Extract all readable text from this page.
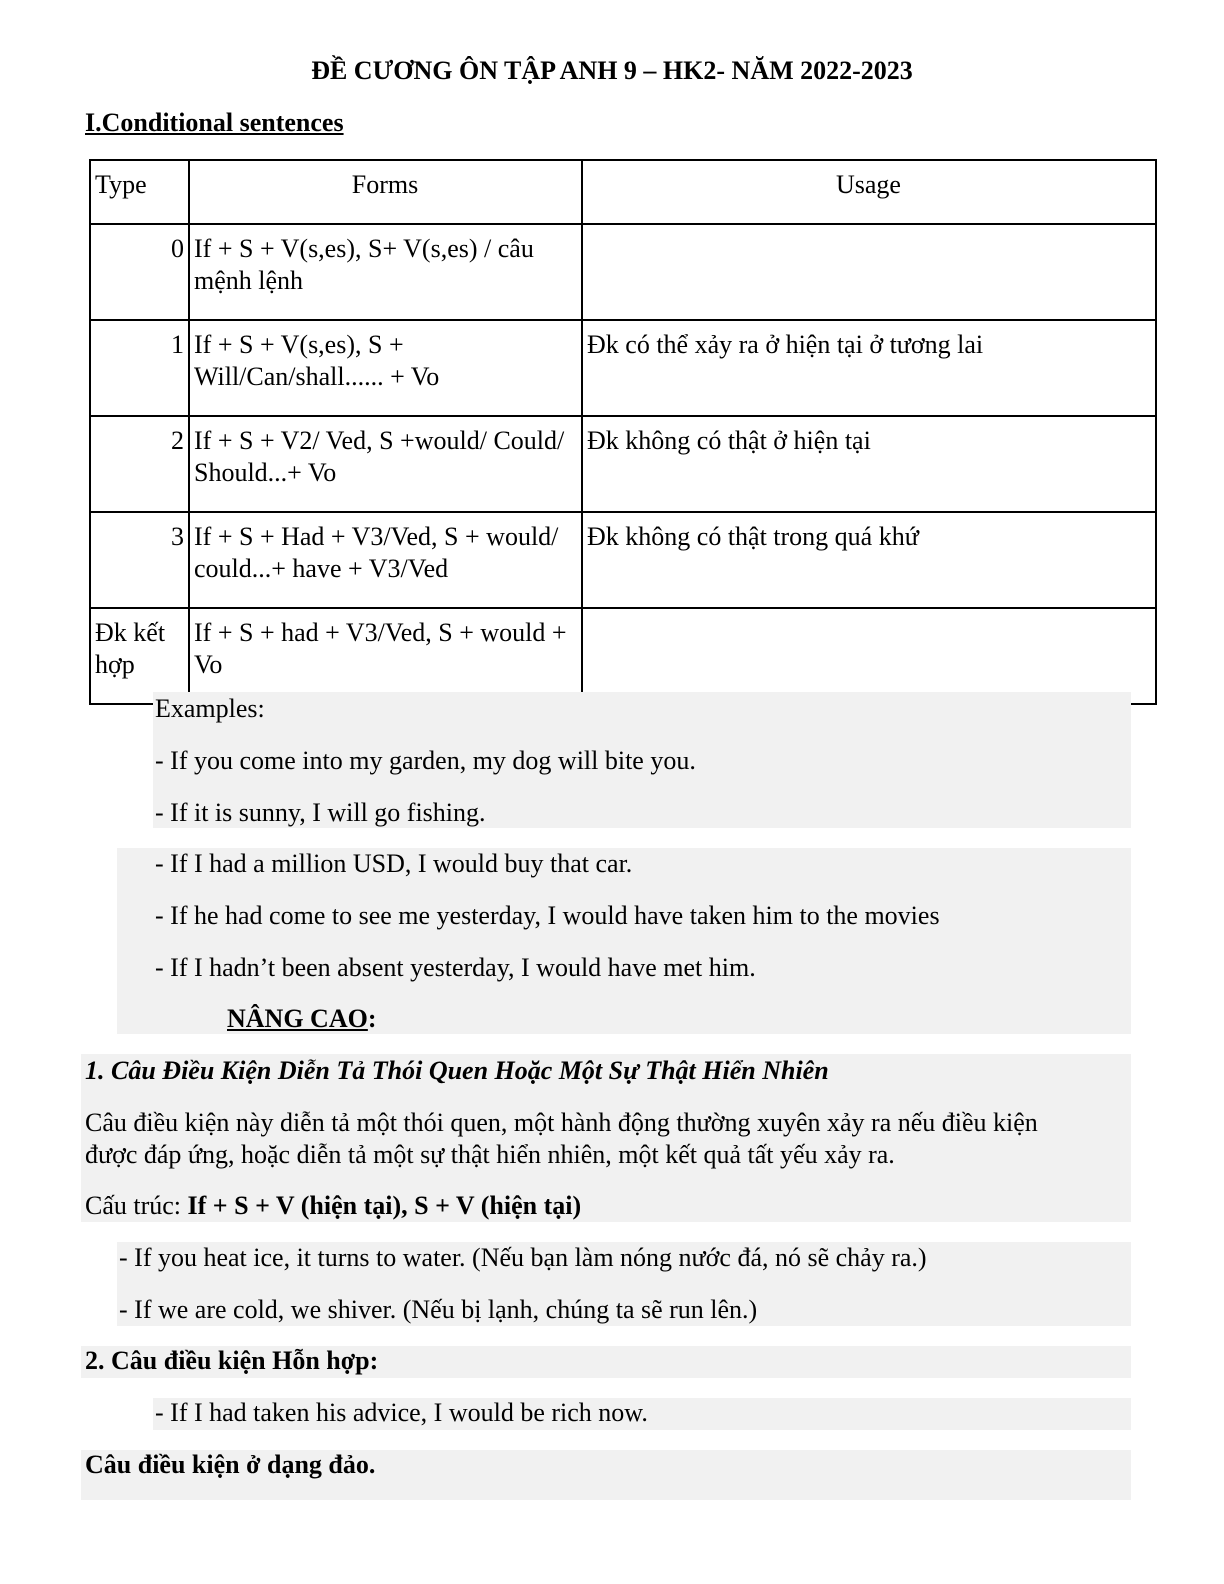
ĐỀ CƯƠNG ÔN TẬP ANH 9 – HK2- NĂM 2022-2023
I.Conditional sentences
Type	Forms	Usage
0	If + S + V(s,es), S+ V(s,es) / câu mệnh lệnh	
1	If + S + V(s,es), S + Will/Can/shall...... + Vo	Đk có thể xảy ra ở hiện tại ở tương lai
2	If + S + V2/ Ved, S +would/ Could/ Should...+ Vo	Đk không có thật ở hiện tại
3	If + S + Had + V3/Ved, S + would/ could...+ have + V3/Ved	Đk không có thật trong quá khứ
Đk kết hợp	If + S + had + V3/Ved, S + would + Vo	
Examples:
- If you come into my garden, my dog will bite you.
- If it is sunny, I will go fishing.
- If I had a million USD, I would buy that car.
- If he had come to see me yesterday, I would have taken him to the movies
- If I hadn’t been absent yesterday, I would have met him.
NÂNG CAO:
1. Câu Điều Kiện Diễn Tả Thói Quen Hoặc Một Sự Thật Hiển Nhiên
Câu điều kiện này diễn tả một thói quen, một hành động thường xuyên xảy ra nếu điều kiện
được đáp ứng, hoặc diễn tả một sự thật hiển nhiên, một kết quả tất yếu xảy ra.
Cấu trúc: If + S + V (hiện tại), S + V (hiện tại)
- If you heat ice, it turns to water. (Nếu bạn làm nóng nước đá, nó sẽ chảy ra.)
- If we are cold, we shiver. (Nếu bị lạnh, chúng ta sẽ run lên.)
2. Câu điều kiện Hỗn hợp:
- If I had taken his advice, I would be rich now.
Câu điều kiện ở dạng đảo.
